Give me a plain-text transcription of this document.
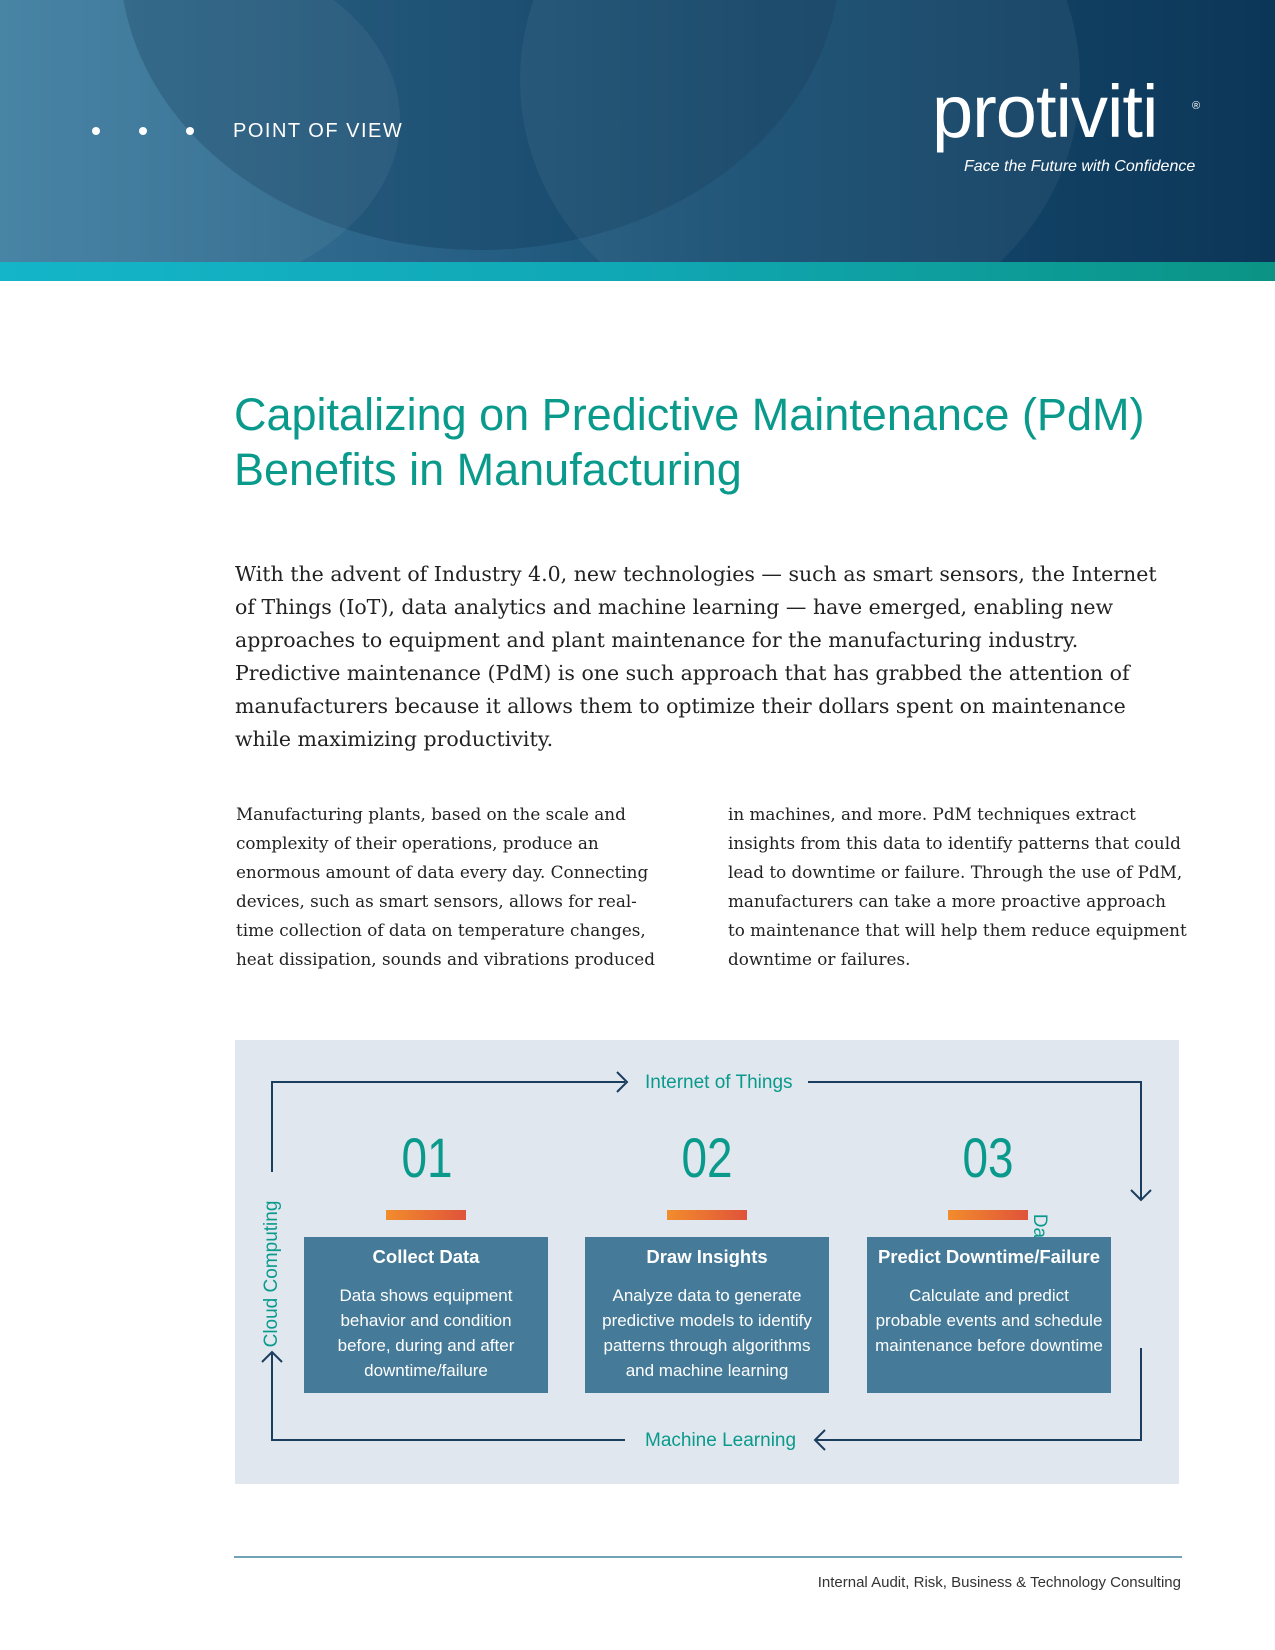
POINT OF VIEW	protiviti	®
Face the Future with Confidence
Capitalizing on Predictive Maintenance (PdM) Benefits in Manufacturing

With the advent of Industry 4.0, new technologies — such as smart sensors, the Internet of Things (IoT), data analytics and machine learning — have emerged, enabling new approaches to equipment and plant maintenance for the manufacturing industry. Predictive maintenance (PdM) is one such approach that has grabbed the attention of manufacturers because it allows them to optimize their dollars spent on maintenance while maximizing productivity.

Manufacturing plants, based on the scale and complexity of their operations, produce an enormous amount of data every day. Connecting devices, such as smart sensors, allows for real-time collection of data on temperature changes, heat dissipation, sounds and vibrations produced

in machines, and more. PdM techniques extract insights from this data to identify patterns that could lead to downtime or failure. Through the use of PdM, manufacturers can take a more proactive approach to maintenance that will help them reduce equipment downtime or failures.

Internet of Things
Machine Learning
Cloud Computing
01
Collect Data
Data shows equipment behavior and condition before, during and after downtime/failure
02
Draw Insights
Analyze data to generate predictive models to identify patterns through algorithms and machine learning
03
Predict Downtime/Failure
Calculate and predict probable events and schedule maintenance before downtime
Internal Audit, Risk, Business & Technology Consulting
